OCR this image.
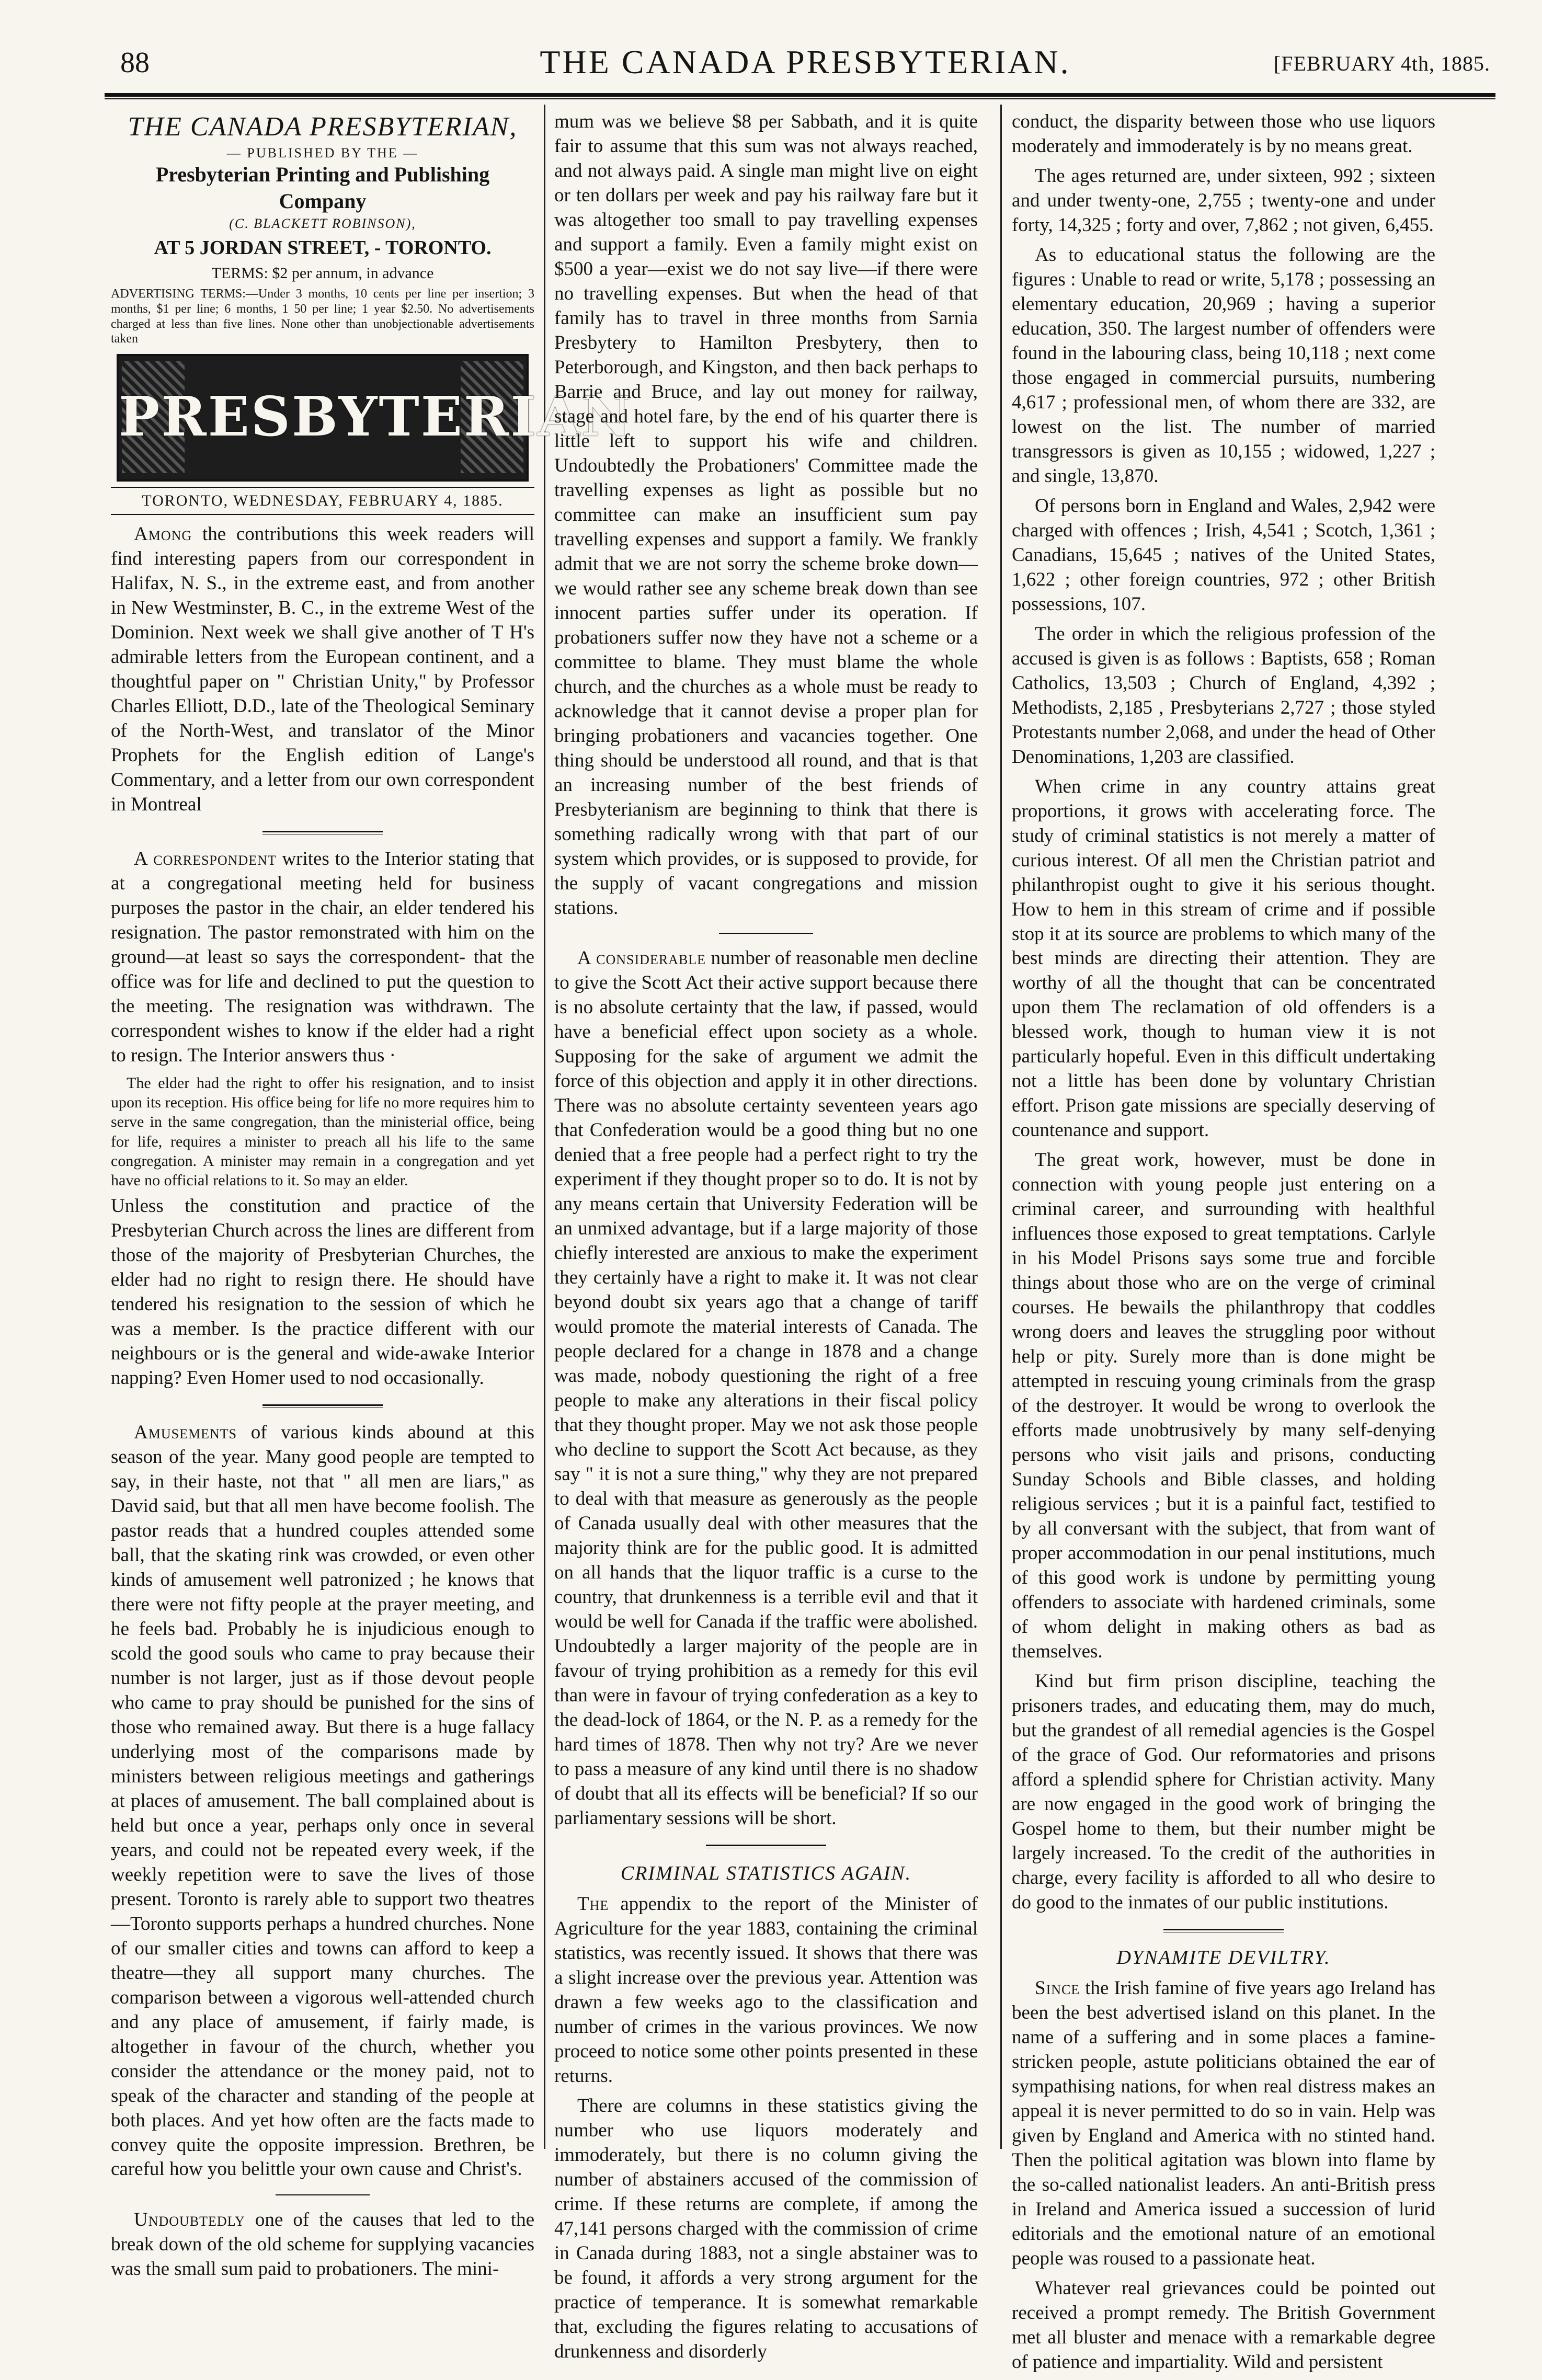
88	THE CANADA PRESBYTERIAN.	[FEBRUARY 4th, 1885.
THE CANADA PRESBYTERIAN,
— PUBLISHED BY THE —
Presbyterian Printing and Publishing Company
(C. BLACKETT ROBINSON),
AT 5 JORDAN STREET, - TORONTO.
TERMS: $2 per annum, in advance
ADVERTISING TERMS:—Under 3 months, 10 cents per line per insertion; 3 months, $1 per line; 6 months, 1 50 per line; 1 year $2.50. No advertisements charged at less than five lines. None other than unobjectionable advertisements taken
PRESBYTERIAN
TORONTO, WEDNESDAY, FEBRUARY 4, 1885.

Among the contributions this week readers will find interesting papers from our correspondent in Halifax, N. S., in the extreme east, and from another in New Westminster, B. C., in the extreme West of the Dominion. Next week we shall give another of T H's admirable letters from the European continent, and a thoughtful paper on " Christian Unity," by Professor Charles Elliott, D.D., late of the Theological Seminary of the North-West, and translator of the Minor Prophets for the English edition of Lange's Commentary, and a letter from our own correspondent in Montreal

A correspondent writes to the Interior stating that at a congregational meeting held for business purposes the pastor in the chair, an elder tendered his resignation. The pastor remonstrated with him on the ground—at least so says the correspondent- that the office was for life and declined to put the question to the meeting. The resignation was withdrawn. The correspondent wishes to know if the elder had a right to resign. The Interior answers thus ·

The elder had the right to offer his resignation, and to insist upon its reception. His office being for life no more requires him to serve in the same congregation, than the ministerial office, being for life, requires a minister to preach all his life to the same congregation. A minister may remain in a congregation and yet have no official relations to it. So may an elder.

Unless the constitution and practice of the Presbyterian Church across the lines are different from those of the majority of Presbyterian Churches, the elder had no right to resign there. He should have tendered his resignation to the session of which he was a member. Is the practice different with our neighbours or is the general and wide-awake Interior napping? Even Homer used to nod occasionally.

Amusements of various kinds abound at this season of the year. Many good people are tempted to say, in their haste, not that " all men are liars," as David said, but that all men have become foolish. The pastor reads that a hundred couples attended some ball, that the skating rink was crowded, or even other kinds of amusement well patronized ; he knows that there were not fifty people at the prayer meeting, and he feels bad. Probably he is injudicious enough to scold the good souls who came to pray because their number is not larger, just as if those devout people who came to pray should be punished for the sins of those who remained away. But there is a huge fallacy underlying most of the comparisons made by ministers between religious meetings and gatherings at places of amusement. The ball complained about is held but once a year, perhaps only once in several years, and could not be repeated every week, if the weekly repetition were to save the lives of those present. Toronto is rarely able to support two theatres—Toronto supports perhaps a hundred churches. None of our smaller cities and towns can afford to keep a theatre—they all support many churches. The comparison between a vigorous well-attended church and any place of amusement, if fairly made, is altogether in favour of the church, whether you consider the attendance or the money paid, not to speak of the character and standing of the people at both places. And yet how often are the facts made to convey quite the opposite impression. Brethren, be careful how you belittle your own cause and Christ's.

Undoubtedly one of the causes that led to the break down of the old scheme for supplying vacancies was the small sum paid to probationers. The mini-

mum was we believe $8 per Sabbath, and it is quite fair to assume that this sum was not always reached, and not always paid. A single man might live on eight or ten dollars per week and pay his railway fare but it was altogether too small to pay travelling expenses and support a family. Even a family might exist on $500 a year—exist we do not say live—if there were no travelling expenses. But when the head of that family has to travel in three months from Sarnia Presbytery to Hamilton Presbytery, then to Peterborough, and Kingston, and then back perhaps to Barrie and Bruce, and lay out money for railway, stage and hotel fare, by the end of his quarter there is little left to support his wife and children. Undoubtedly the Probationers' Committee made the travelling expenses as light as possible but no committee can make an insufficient sum pay travelling expenses and support a family. We frankly admit that we are not sorry the scheme broke down—we would rather see any scheme break down than see innocent parties suffer under its operation. If probationers suffer now they have not a scheme or a committee to blame. They must blame the whole church, and the churches as a whole must be ready to acknowledge that it cannot devise a proper plan for bringing probationers and vacancies together. One thing should be understood all round, and that is that an increasing number of the best friends of Presbyterianism are beginning to think that there is something radically wrong with that part of our system which provides, or is supposed to provide, for the supply of vacant congregations and mission stations.

A considerable number of reasonable men decline to give the Scott Act their active support because there is no absolute certainty that the law, if passed, would have a beneficial effect upon society as a whole. Supposing for the sake of argument we admit the force of this objection and apply it in other directions. There was no absolute certainty seventeen years ago that Confederation would be a good thing but no one denied that a free people had a perfect right to try the experiment if they thought proper so to do. It is not by any means certain that University Federation will be an unmixed advantage, but if a large majority of those chiefly interested are anxious to make the experiment they certainly have a right to make it. It was not clear beyond doubt six years ago that a change of tariff would promote the material interests of Canada. The people declared for a change in 1878 and a change was made, nobody questioning the right of a free people to make any alterations in their fiscal policy that they thought proper. May we not ask those people who decline to support the Scott Act because, as they say " it is not a sure thing," why they are not prepared to deal with that measure as generously as the people of Canada usually deal with other measures that the majority think are for the public good. It is admitted on all hands that the liquor traffic is a curse to the country, that drunkenness is a terrible evil and that it would be well for Canada if the traffic were abolished. Undoubtedly a larger majority of the people are in favour of trying prohibition as a remedy for this evil than were in favour of trying confederation as a key to the dead-lock of 1864, or the N. P. as a remedy for the hard times of 1878. Then why not try? Are we never to pass a measure of any kind until there is no shadow of doubt that all its effects will be beneficial? If so our parliamentary sessions will be short.

CRIMINAL STATISTICS AGAIN.

The appendix to the report of the Minister of Agriculture for the year 1883, containing the criminal statistics, was recently issued. It shows that there was a slight increase over the previous year. Attention was drawn a few weeks ago to the classification and number of crimes in the various provinces. We now proceed to notice some other points presented in these returns.

There are columns in these statistics giving the number who use liquors moderately and immoderately, but there is no column giving the number of abstainers accused of the commission of crime. If these returns are complete, if among the 47,141 persons charged with the commission of crime in Canada during 1883, not a single abstainer was to be found, it affords a very strong argument for the practice of temperance. It is somewhat remarkable that, excluding the figures relating to accusations of drunkenness and disorderly

conduct, the disparity between those who use liquors moderately and immoderately is by no means great.

The ages returned are, under sixteen, 992 ; sixteen and under twenty-one, 2,755 ; twenty-one and under forty, 14,325 ; forty and over, 7,862 ; not given, 6,455.

As to educational status the following are the figures : Unable to read or write, 5,178 ; possessing an elementary education, 20,969 ; having a superior education, 350. The largest number of offenders were found in the labouring class, being 10,118 ; next come those engaged in commercial pursuits, numbering 4,617 ; professional men, of whom there are 332, are lowest on the list. The number of married transgressors is given as 10,155 ; widowed, 1,227 ; and single, 13,870.

Of persons born in England and Wales, 2,942 were charged with offences ; Irish, 4,541 ; Scotch, 1,361 ; Canadians, 15,645 ; natives of the United States, 1,622 ; other foreign countries, 972 ; other British possessions, 107.

The order in which the religious profession of the accused is given is as follows : Baptists, 658 ; Roman Catholics, 13,503 ; Church of England, 4,392 ; Methodists, 2,185 , Presbyterians 2,727 ; those styled Protestants number 2,068, and under the head of Other Denominations, 1,203 are classified.

When crime in any country attains great proportions, it grows with accelerating force. The study of criminal statistics is not merely a matter of curious interest. Of all men the Christian patriot and philanthropist ought to give it his serious thought. How to hem in this stream of crime and if possible stop it at its source are problems to which many of the best minds are directing their attention. They are worthy of all the thought that can be concentrated upon them The reclamation of old offenders is a blessed work, though to human view it is not particularly hopeful. Even in this difficult undertaking not a little has been done by voluntary Christian effort. Prison gate missions are specially deserving of countenance and support.

The great work, however, must be done in connection with young people just entering on a criminal career, and surrounding with healthful influences those exposed to great temptations. Carlyle in his Model Prisons says some true and forcible things about those who are on the verge of criminal courses. He bewails the philanthropy that coddles wrong doers and leaves the struggling poor without help or pity. Surely more than is done might be attempted in rescuing young criminals from the grasp of the destroyer. It would be wrong to overlook the efforts made unobtrusively by many self-denying persons who visit jails and prisons, conducting Sunday Schools and Bible classes, and holding religious services ; but it is a painful fact, testified to by all conversant with the subject, that from want of proper accommodation in our penal institutions, much of this good work is undone by permitting young offenders to associate with hardened criminals, some of whom delight in making others as bad as themselves.

Kind but firm prison discipline, teaching the prisoners trades, and educating them, may do much, but the grandest of all remedial agencies is the Gospel of the grace of God. Our reformatories and prisons afford a splendid sphere for Christian activity. Many are now engaged in the good work of bringing the Gospel home to them, but their number might be largely increased. To the credit of the authorities in charge, every facility is afforded to all who desire to do good to the inmates of our public institutions.

DYNAMITE DEVILTRY.

Since the Irish famine of five years ago Ireland has been the best advertised island on this planet. In the name of a suffering and in some places a famine-stricken people, astute politicians obtained the ear of sympathising nations, for when real distress makes an appeal it is never permitted to do so in vain. Help was given by England and America with no stinted hand. Then the political agitation was blown into flame by the so-called nationalist leaders. An anti-British press in Ireland and America issued a succession of lurid editorials and the emotional nature of an emotional people was roused to a passionate heat.

Whatever real grievances could be pointed out received a prompt remedy. The British Government met all bluster and menace with a remarkable degree of patience and impartiality. Wild and persistent
